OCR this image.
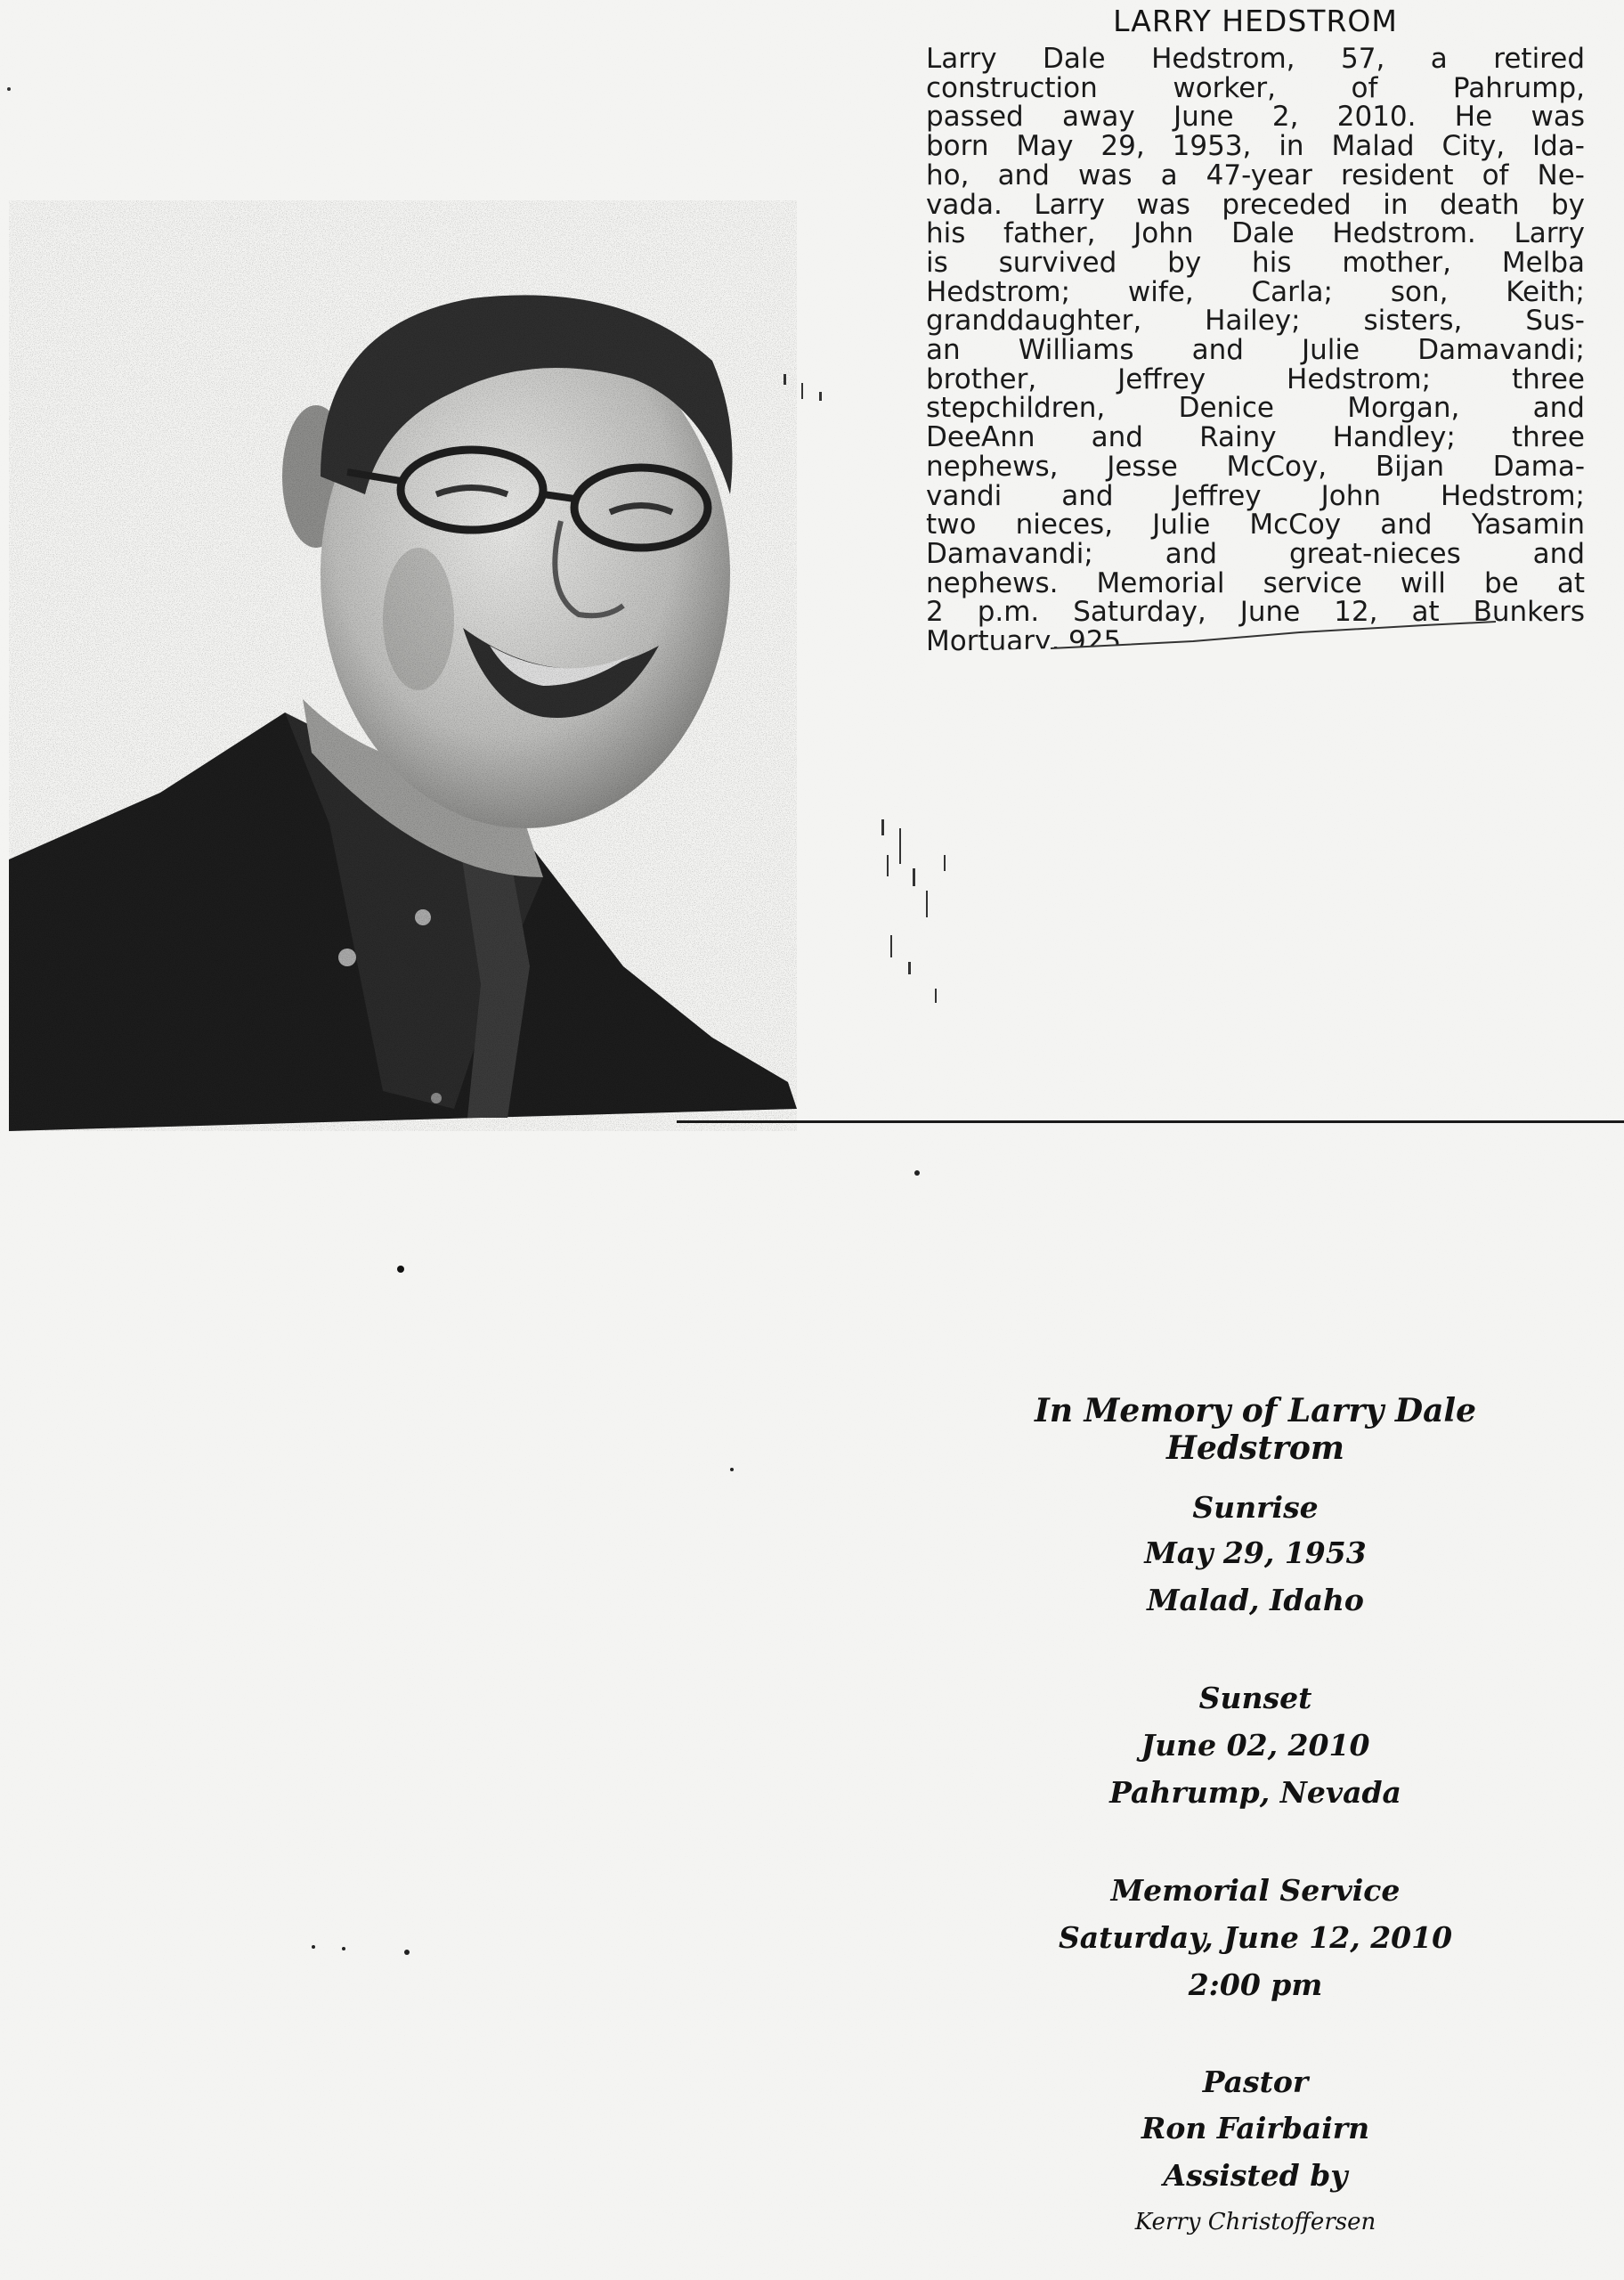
LARRY HEDSTROM
Larry Dale Hedstrom, 57, a retired
construction worker, of Pahrump,
passed away June 2, 2010. He was
born May 29, 1953, in Malad City, Ida-
ho, and was a 47-year resident of Ne-
vada. Larry was preceded in death by
his father, John Dale Hedstrom. Larry
is survived by his mother, Melba
Hedstrom; wife, Carla; son, Keith;
granddaughter, Hailey; sisters, Sus-
an Williams and Julie Damavandi;
brother, Jeffrey Hedstrom; three
stepchildren, Denice Morgan, and
DeeAnn and Rainy Handley; three
nephews, Jesse McCoy, Bijan Dama-
vandi and Jeffrey John Hedstrom;
two nieces, Julie McCoy and Yasamin
Damavandi; and great-nieces and
nephews. Memorial service will be at
2 p.m. Saturday, June 12, at Bunkers
Mortuary, 925
In Memory of Larry Dale Hedstrom
Sunrise
May 29, 1953
Malad, Idaho
Sunset
June 02, 2010
Pahrump, Nevada
Memorial Service
Saturday, June 12, 2010
2:00 pm
Pastor
Ron Fairbairn
Assisted by
Kerry Christoffersen
